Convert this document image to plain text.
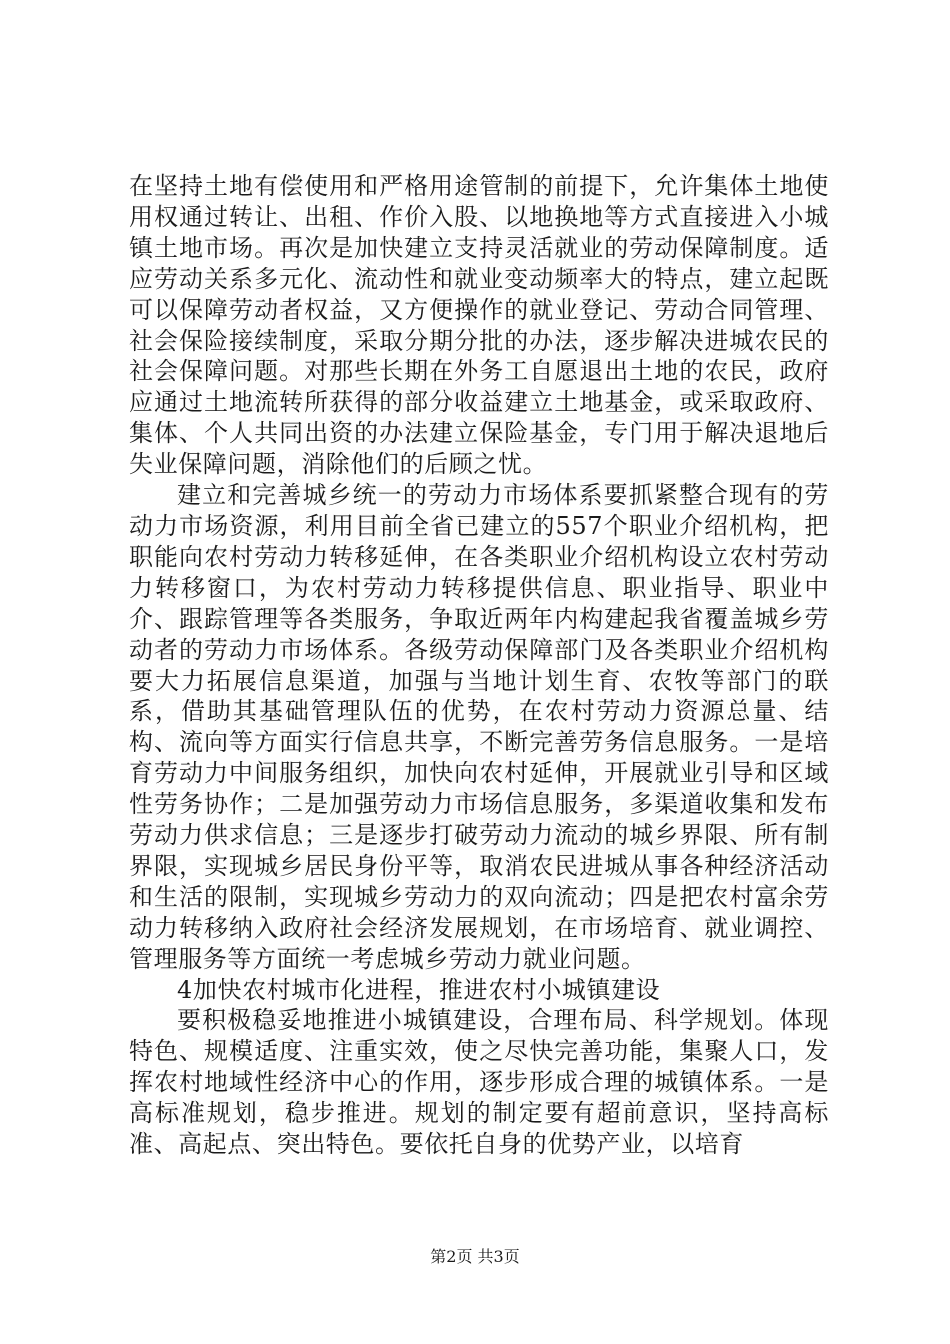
在坚持土地有偿使用和严格用途管制的前提下，允许集体土地使用权通过转让、出租、作价入股、以地换地等方式直接进入小城镇土地市场。再次是加快建立支持灵活就业的劳动保障制度。适应劳动关系多元化、流动性和就业变动频率大的特点，建立起既可以保障劳动者权益，又方便操作的就业登记、劳动合同管理、社会保险接续制度，采取分期分批的办法，逐步解决进城农民的社会保障问题。对那些长期在外务工自愿退出土地的农民，政府应通过土地流转所获得的部分收益建立土地基金，或采取政府、集体、个人共同出资的办法建立保险基金，专门用于解决退地后失业保障问题，消除他们的后顾之忧。

建立和完善城乡统一的劳动力市场体系要抓紧整合现有的劳动力市场资源，利用目前全省已建立的557个职业介绍机构，把职能向农村劳动力转移延伸，在各类职业介绍机构设立农村劳动力转移窗口，为农村劳动力转移提供信息、职业指导、职业中介、跟踪管理等各类服务，争取近两年内构建起我省覆盖城乡劳动者的劳动力市场体系。各级劳动保障部门及各类职业介绍机构要大力拓展信息渠道，加强与当地计划生育、农牧等部门的联系，借助其基础管理队伍的优势，在农村劳动力资源总量、结构、流向等方面实行信息共享，不断完善劳务信息服务。一是培育劳动力中间服务组织，加快向农村延伸，开展就业引导和区域性劳务协作；二是加强劳动力市场信息服务，多渠道收集和发布劳动力供求信息；三是逐步打破劳动力流动的城乡界限、所有制界限，实现城乡居民身份平等，取消农民进城从事各种经济活动和生活的限制，实现城乡劳动力的双向流动；四是把农村富余劳动力转移纳入政府社会经济发展规划，在市场培育、就业调控、管理服务等方面统一考虑城乡劳动力就业问题。

4加快农村城市化进程，推进农村小城镇建设

要积极稳妥地推进小城镇建设，合理布局、科学规划。体现特色、规模适度、注重实效，使之尽快完善功能，集聚人口，发挥农村地域性经济中心的作用，逐步形成合理的城镇体系。一是高标准规划，稳步推进。规划的制定要有超前意识，坚持高标准、高起点、突出特色。要依托自身的优势产业，以培育

第2页 共3页
